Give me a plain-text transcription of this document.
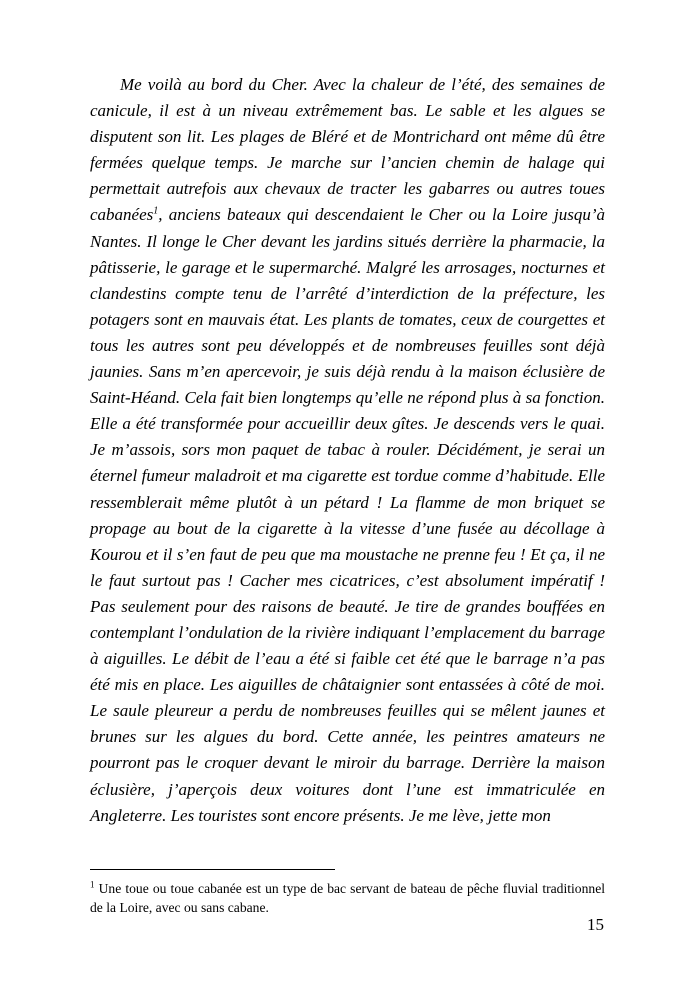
Me voilà au bord du Cher. Avec la chaleur de l’été, des semaines de canicule, il est à un niveau extrêmement bas. Le sable et les algues se disputent son lit. Les plages de Bléré et de Montrichard ont même dû être fermées quelque temps. Je marche sur l’ancien chemin de halage qui permettait autrefois aux chevaux de tracter les gabarres ou autres toues cabanées$^1$, anciens bateaux qui descendaient le Cher ou la Loire jusqu’à Nantes. Il longe le Cher devant les jardins situés derrière la pharmacie, la pâtisserie, le garage et le supermarché. Malgré les arrosages, nocturnes et clandestins compte tenu de l’arrêté d’interdiction de la préfecture, les potagers sont en mauvais état. Les plants de tomates, ceux de courgettes et tous les autres sont peu développés et de nombreuses feuilles sont déjà jaunies. Sans m’en apercevoir, je suis déjà rendu à la maison éclusière de Saint-Héand. Cela fait bien longtemps qu’elle ne répond plus à sa fonction. Elle a été transformée pour accueillir deux gîtes. Je descends vers le quai. Je m’assois, sors mon paquet de tabac à rouler. Décidément, je serai un éternel fumeur maladroit et ma cigarette est tordue comme d’habitude. Elle ressemblerait même plutôt à un pétard ! La flamme de mon briquet se propage au bout de la cigarette à la vitesse d’une fusée au décollage à Kourou et il s’en faut de peu que ma moustache ne prenne feu ! Et ça, il ne le faut surtout pas ! Cacher mes cicatrices, c’est absolument impératif ! Pas seulement pour des raisons de beauté. Je tire de grandes bouffées en contemplant l’ondulation de la rivière indiquant l’emplacement du barrage à aiguilles. Le débit de l’eau a été si faible cet été que le barrage n’a pas été mis en place. Les aiguilles de châtaignier sont entassées à côté de moi. Le saule pleureur a perdu de nombreuses feuilles qui se mêlent jaunes et brunes sur les algues du bord. Cette année, les peintres amateurs ne pourront pas le croquer devant le miroir du barrage. Derrière la maison éclusière, j’aperçois deux voitures dont l’une est immatriculée en Angleterre. Les touristes sont encore présents. Je me lève, jette mon

$^1$ Une toue ou toue cabanée est un type de bac servant de bateau de pêche fluvial traditionnel de la Loire, avec ou sans cabane.

15
